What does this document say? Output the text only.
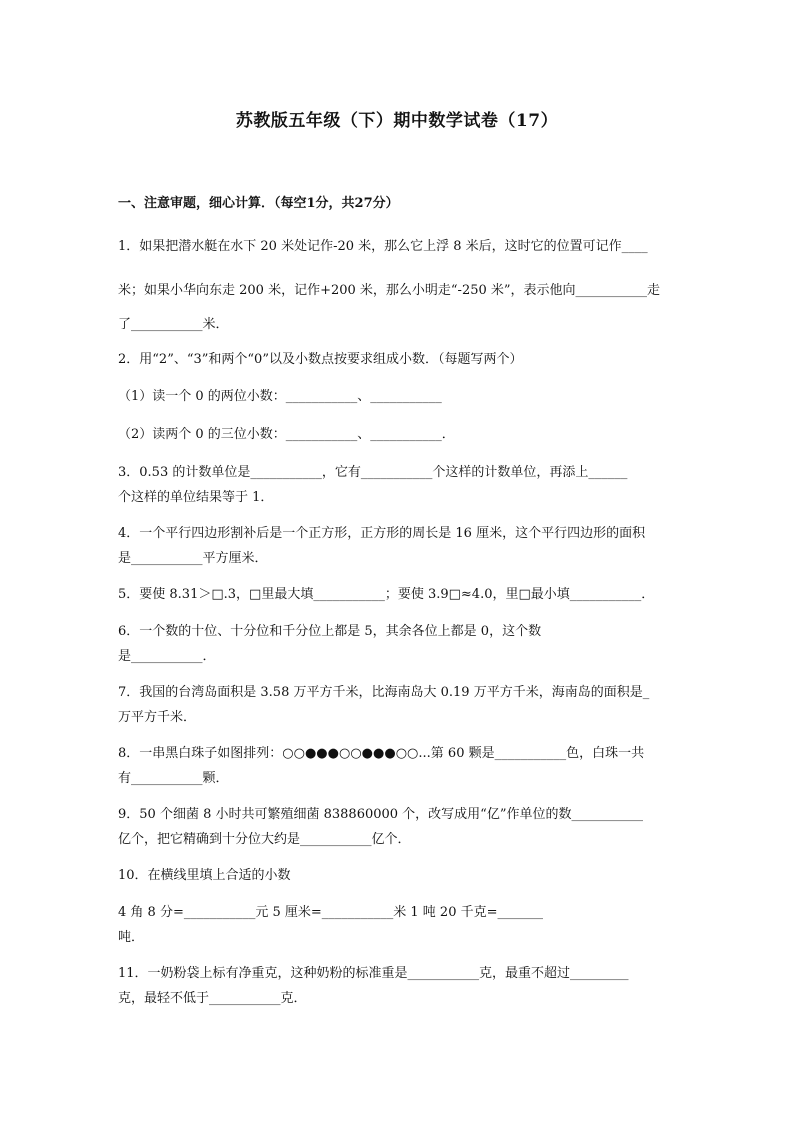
苏教版五年级（下）期中数学试卷（17）
一、注意审题，细心计算．（每空1分，共27分）
1．如果把潜水艇在水下 20 米处记作-20 米，那么它上浮 8 米后，这时它的位置可记作____
米；如果小华向东走 200 米，记作+200 米，那么小明走“-250 米”，表示他向___________走
了___________米．
2．用“2”、“3”和两个“0”以及小数点按要求组成小数．（每题写两个）
（1）读一个 0 的两位小数：___________、___________
（2）读两个 0 的三位小数：___________、___________．
3．0.53 的计数单位是___________，它有___________个这样的计数单位，再添上______
个这样的单位结果等于 1．
4．一个平行四边形割补后是一个正方形，正方形的周长是 16 厘米，这个平行四边形的面积
是___________平方厘米．
5．要使 8.31＞□.3，□里最大填___________；要使 3.9□≈4.0，里□最小填___________．
6．一个数的十位、十分位和千分位上都是 5，其余各位上都是 0，这个数
是___________．
7．我国的台湾岛面积是 3.58 万平方千米，比海南岛大 0.19 万平方千米，海南岛的面积是_
万平方千米．
8．一串黑白珠子如图排列：○○●●●○○●●●○○...第 60 颗是___________色，白珠一共
有___________颗．
9．50 个细菌 8 小时共可繁殖细菌 838860000 个，改写成用“亿”作单位的数___________
亿个，把它精确到十分位大约是___________亿个．
10．在横线里填上合适的小数
4 角 8 分=___________元 5 厘米=___________米 1 吨 20 千克=_______
吨．
11．一奶粉袋上标有净重克，这种奶粉的标准重是___________克，最重不超过_________
克，最轻不低于___________克．
